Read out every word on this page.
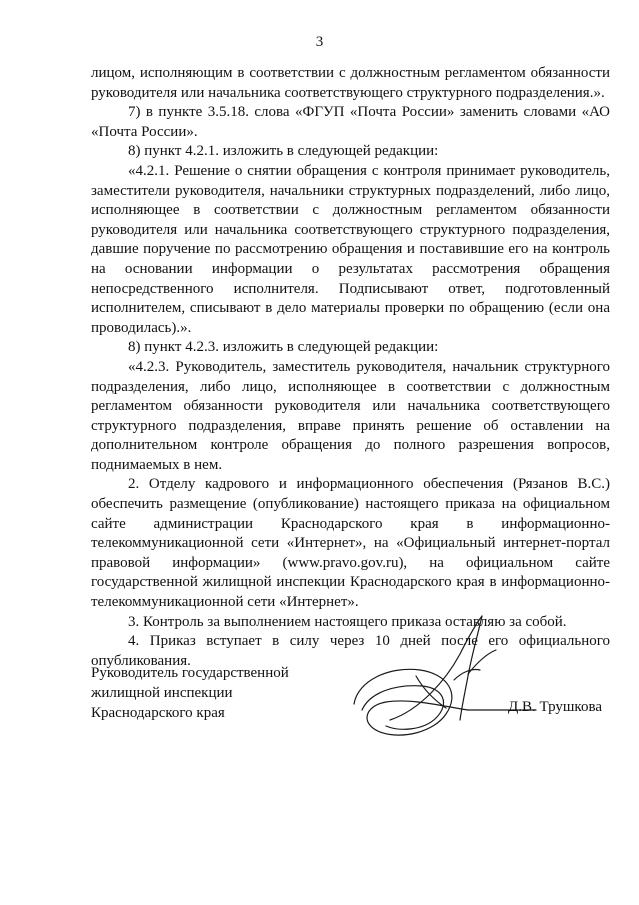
3

лицом, исполняющим в соответствии с должностным регламентом обязанности руководителя или начальника соответствующего структурного подразделения.».

7) в пункте 3.5.18. слова «ФГУП «Почта России» заменить словами «АО «Почта России».

8) пункт 4.2.1. изложить в следующей редакции:

«4.2.1. Решение о снятии обращения с контроля принимает руководитель, заместители руководителя, начальники структурных подразделений, либо лицо, исполняющее в соответствии с должностным регламентом обязанности руководителя или начальника соответствующего структурного подразделения, давшие поручение по рассмотрению обращения и поставившие его на контроль на основании информации о результатах рассмотрения обращения непосредственного исполнителя. Подписывают ответ, подготовленный исполнителем, списывают в дело материалы проверки по обращению (если она проводилась).».

8) пункт 4.2.3. изложить в следующей редакции:

«4.2.3. Руководитель, заместитель руководителя, начальник структурного подразделения, либо лицо, исполняющее в соответствии с должностным регламентом обязанности руководителя или начальника соответствующего структурного подразделения, вправе принять решение об оставлении на дополнительном контроле обращения до полного разрешения вопросов, поднимаемых в нем.

2. Отделу кадрового и информационного обеспечения (Рязанов В.С.) обеспечить размещение (опубликование) настоящего приказа на официальном сайте администрации Краснодарского края в информационно-телекоммуникационной сети «Интернет», на «Официальный интернет-портал правовой информации» (www.pravo.gov.ru), на официальном сайте государственной жилищной инспекции Краснодарского края в информационно-телекоммуникационной сети «Интернет».

3. Контроль за выполнением настоящего приказа оставляю за собой.

4. Приказ вступает в силу через 10 дней после его официального опубликования.

Руководитель государственной
жилищной инспекции
Краснодарского края	Д.В. Трушкова
